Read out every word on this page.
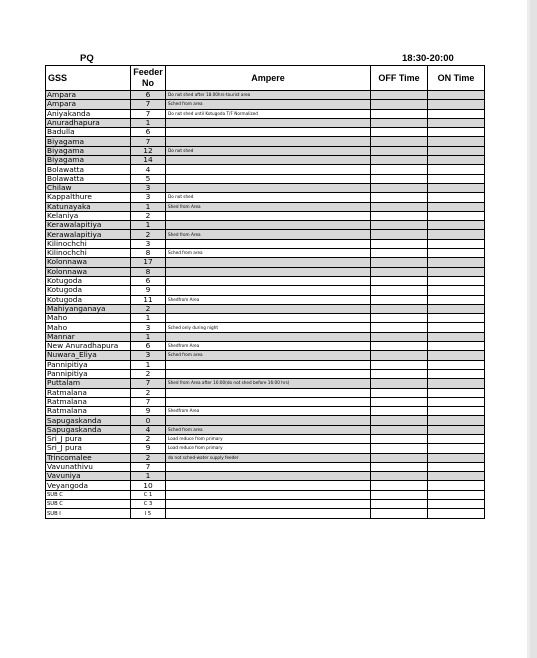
PQ	18:30-20:00
GSS	Feeder No	Ampere	OFF Time	ON Time
Ampara	6	Do not shed after 18.00hrs-tourist area		
Ampara	7	Sched from area		
Aniyakanda	7	Do not shed until Kotugoda T/F Normalized		
Anuradhapura	1			
Badulla	6			
Biyagama	7			
Biyagama	12	Do not shed		
Biyagama	14			
Bolawatta	4			
Bolawatta	5			
Chilaw	3			
Kappalthure	3	Do not shed		
Katunayaka	1	Shed from Area		
Kelaniya	2			
Kerawalapitiya	1			
Kerawalapitiya	2	Shed from Area		
Kilinochchi	3			
Kilinochchi	8	Sched from area		
Kolonnawa	17			
Kolonnawa	8			
Kotugoda	6			
Kotugoda	9			
Kotugoda	11	Shedfrom Area		
Mahiyanganaya	2			
Maho	1			
Maho	3	Sched only during night		
Mannar	1			
New Anuradhapura	6	Shedfrom Area		
Nuwara_Eliya	3	Sched from area		
Pannipitiya	1			
Pannipitiya	2			
Puttalam	7	Shed from Area after 16:00(do not shed before 16:00 hrs)		
Ratmalana	2			
Ratmalana	7			
Ratmalana	9	Shedfrom Area		
Sapugaskanda	0			
Sapugaskanda	4	Sched from area		
Sri_J pura	2	Load reduce from primary		
Sri_J pura	9	Load reduce from primary		
Trincomalee	2	do not sched-water supply feeder		
Vavunathivu	7			
Vavuniya	1			
Veyangoda	10			
SUB C	C 1			
SUB C	C 3			
SUB I	I 5			
